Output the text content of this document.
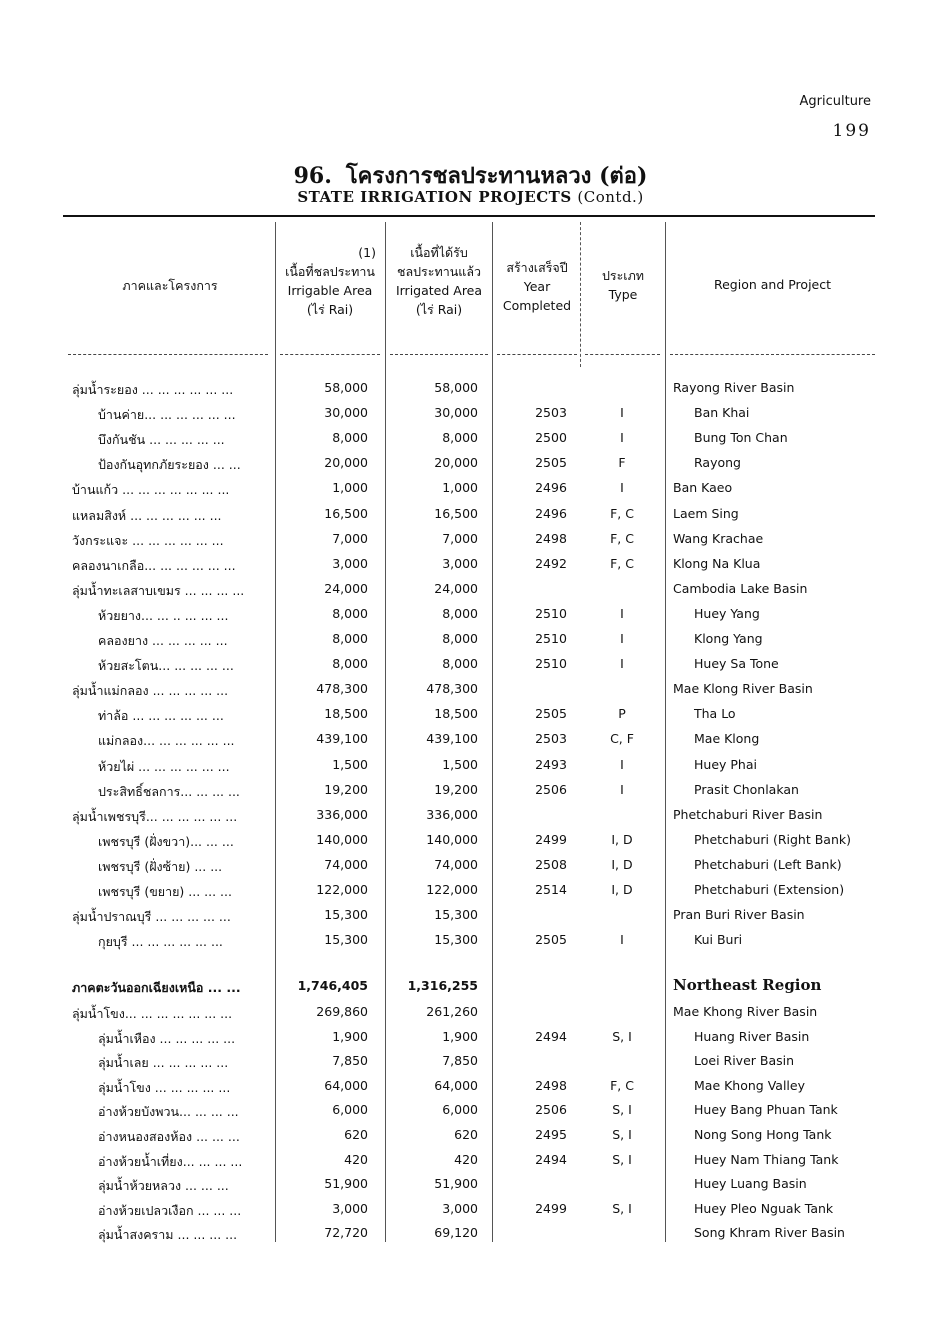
Agriculture
199
96. โครงการชลประทานหลวง (ต่อ)
STATE IRRIGATION PROJECTS (Contd.)
ภาคและโครงการ
(1)
เนื้อที่ชลประทาน
Irrigable Area
(ไร่ Rai)
เนื้อที่ได้รับ
ชลประทานแล้ว
Irrigated Area
(ไร่ Rai)
สร้างเสร็จปี
Year
Completed
ประเภท
Type
Region and Project
ลุ่มน้ำระยอง ... ... ... ... ... ...	58,000	58,000	Rayong River Basin
บ้านค่าย... ... ... ... ... ...	30,000	30,000	2503	I	Ban Khai
บึงกันชัน ... ... ... ... ...	8,000	8,000	2500	I	Bung Ton Chan
ป้องกันอุทกภัยระยอง ... ...	20,000	20,000	2505	F	Rayong
บ้านแก้ว ... ... ... ... ... ... ...	1,000	1,000	2496	I	Ban Kaeo
แหลมสิงห์ ... ... ... ... ... ...	16,500	16,500	2496	F, C	Laem Sing
วังกระแจะ ... ... ... ... ... ...	7,000	7,000	2498	F, C	Wang Krachae
คลองนาเกลือ... ... ... ... ... ...	3,000	3,000	2492	F, C	Klong Na Klua
ลุ่มน้ำทะเลสาบเขมร ... ... ... ...	24,000	24,000	Cambodia Lake Basin
ห้วยยาง... ... .. ... ... ...	8,000	8,000	2510	I	Huey Yang
คลองยาง ... ... ... ... ...	8,000	8,000	2510	I	Klong Yang
ห้วยสะโตน... ... ... ... ...	8,000	8,000	2510	I	Huey Sa Tone
ลุ่มน้ำแม่กลอง ... ... ... ... ...	478,300	478,300	Mae Klong River Basin
ท่าล้อ ... ... ... ... ... ...	18,500	18,500	2505	P	Tha Lo
แม่กลอง... ... ... ... ... ...	439,100	439,100	2503	C, F	Mae Klong
ห้วยไผ่ ... ... ... ... ... ...	1,500	1,500	2493	I	Huey Phai
ประสิทธิ์ชลการ... ... ... ...	19,200	19,200	2506	I	Prasit Chonlakan
ลุ่มน้ำเพชรบุรี... ... ... ... ... ...	336,000	336,000	Phetchaburi River Basin
เพชรบุรี (ฝั่งขวา)... ... ...	140,000	140,000	2499	I, D	Phetchaburi (Right Bank)
เพชรบุรี (ฝั่งซ้าย) ... ...	74,000	74,000	2508	I, D	Phetchaburi (Left Bank)
เพชรบุรี (ขยาย) ... ... ...	122,000	122,000	2514	I, D	Phetchaburi (Extension)
ลุ่มน้ำปราณบุรี ... ... ... ... ...	15,300	15,300	Pran Buri River Basin
กุยบุรี ... ... ... ... ... ...	15,300	15,300	2505	I	Kui Buri
ภาคตะวันออกเฉียงเหนือ ... ...	1,746,405	1,316,255	Northeast Region
ลุ่มน้ำโขง... ... ... ... ... ... ...	269,860	261,260	Mae Khong River Basin
ลุ่มน้ำเหือง ... ... ... ... ...	1,900	1,900	2494	S, I	Huang River Basin
ลุ่มน้ำเลย ... ... ... ... ...	7,850	7,850	Loei River Basin
ลุ่มน้ำโขง ... ... ... ... ...	64,000	64,000	2498	F, C	Mae Khong Valley
อ่างห้วยบังพวน... ... ... ...	6,000	6,000	2506	S, I	Huey Bang Phuan Tank
อ่างหนองสองห้อง ... ... ...	620	620	2495	S, I	Nong Song Hong Tank
อ่างห้วยน้ำเที่ยง... ... ... ...	420	420	2494	S, I	Huey Nam Thiang Tank
ลุ่มน้ำห้วยหลวง ... ... ...	51,900	51,900	Huey Luang Basin
อ่างห้วยเปลวเงือก ... ... ...	3,000	3,000	2499	S, I	Huey Pleo Nguak Tank
ลุ่มน้ำสงคราม ... ... ... ...	72,720	69,120	Song Khram River Basin
